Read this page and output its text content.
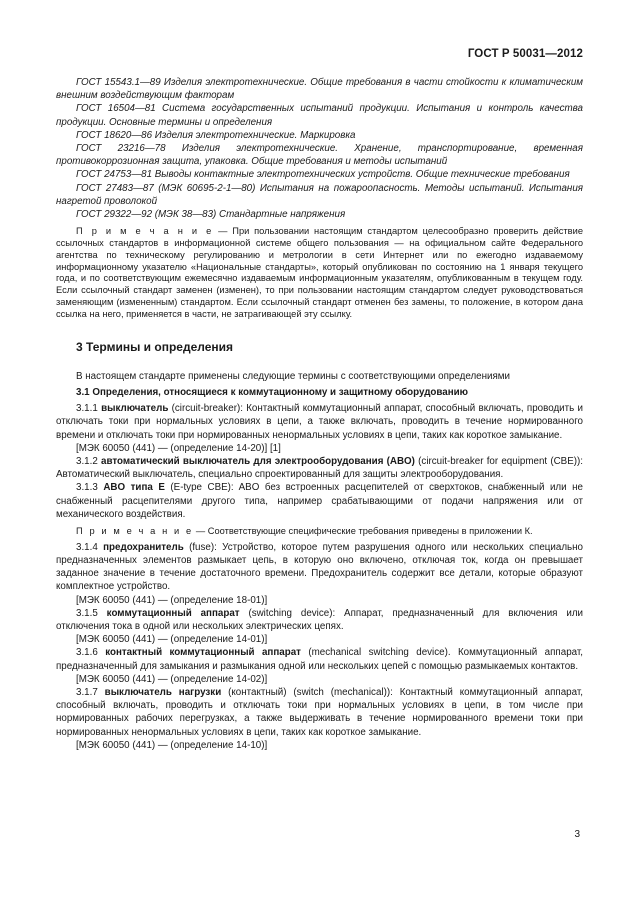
ГОСТ Р 50031—2012

ГОСТ 15543.1—89 Изделия электротехнические. Общие требования в части стойкости к климатическим внешним воздействующим факторам

ГОСТ 16504—81 Система государственных испытаний продукции. Испытания и контроль качества продукции. Основные термины и определения

ГОСТ 18620—86 Изделия электротехнические. Маркировка

ГОСТ 23216—78 Изделия электротехнические. Хранение, транспортирование, временная противокоррозионная защита, упаковка. Общие требования и методы испытаний

ГОСТ 24753—81 Выводы контактные электротехнических устройств. Общие технические требования

ГОСТ 27483—87 (МЭК 60695-2-1—80) Испытания на пожароопасность. Методы испытаний. Испытания нагретой проволокой

ГОСТ 29322—92 (МЭК 38—83) Стандартные напряжения

П р и м е ч а н и е — При пользовании настоящим стандартом целесообразно проверить действие ссылочных стандартов в информационной системе общего пользования — на официальном сайте Федерального агентства по техническому регулированию и метрологии в сети Интернет или по ежегодно издаваемому информационному указателю «Национальные стандарты», который опубликован по состоянию на 1 января текущего года, и по соответствующим ежемесячно издаваемым информационным указателям, опубликованным в текущем году. Если ссылочный стандарт заменен (изменен), то при пользовании настоящим стандартом следует руководствоваться заменяющим (измененным) стандартом. Если ссылочный стандарт отменен без замены, то положение, в котором дана ссылка на него, применяется в части, не затрагивающей эту ссылку.

3 Термины и определения

В настоящем стандарте применены следующие термины с соответствующими определениями

3.1 Определения, относящиеся к коммутационному и защитному оборудованию

3.1.1 выключатель (circuit-breaker): Контактный коммутационный аппарат, способный включать, проводить и отключать токи при нормальных условиях в цепи, а также включать, проводить в течение нормированного времени и отключать токи при нормированных ненормальных условиях в цепи, таких как короткое замыкание.

[МЭК 60050 (441) — (определение 14-20)] [1]

3.1.2 автоматический выключатель для электрооборудования (ABO) (circuit-breaker for equipment (CBE)): Автоматический выключатель, специально спроектированный для защиты электрооборудования.

3.1.3 ABO типа E (E-type CBE): ABO без встроенных расцепителей от сверхтоков, снабженный или не снабженный расцепителями другого типа, например срабатывающими от подачи напряжения или от механического воздействия.

П р и м е ч а н и е — Соответствующие специфические требования приведены в приложении К.

3.1.4 предохранитель (fuse): Устройство, которое путем разрушения одного или нескольких специально предназначенных элементов размыкает цепь, в которую оно включено, отключая ток, когда он превышает заданное значение в течение достаточного времени. Предохранитель содержит все детали, которые образуют комплектное устройство.

[МЭК 60050 (441) — (определение 18-01)]

3.1.5 коммутационный аппарат (switching device): Аппарат, предназначенный для включения или отключения тока в одной или нескольких электрических цепях.

[МЭК 60050 (441) — (определение 14-01)]

3.1.6 контактный коммутационный аппарат (mechanical switching device). Коммутационный аппарат, предназначенный для замыкания и размыкания одной или нескольких цепей с помощью размыкаемых контактов.

[МЭК 60050 (441) — (определение 14-02)]

3.1.7 выключатель нагрузки (контактный) (switch (mechanical)): Контактный коммутационный аппарат, способный включать, проводить и отключать токи при нормальных условиях в цепи, в том числе при нормированных рабочих перегрузках, а также выдерживать в течение нормированного времени токи при нормированных ненормальных условиях в цепи, таких как короткое замыкание.

[МЭК 60050 (441) — (определение 14-10)]

3
